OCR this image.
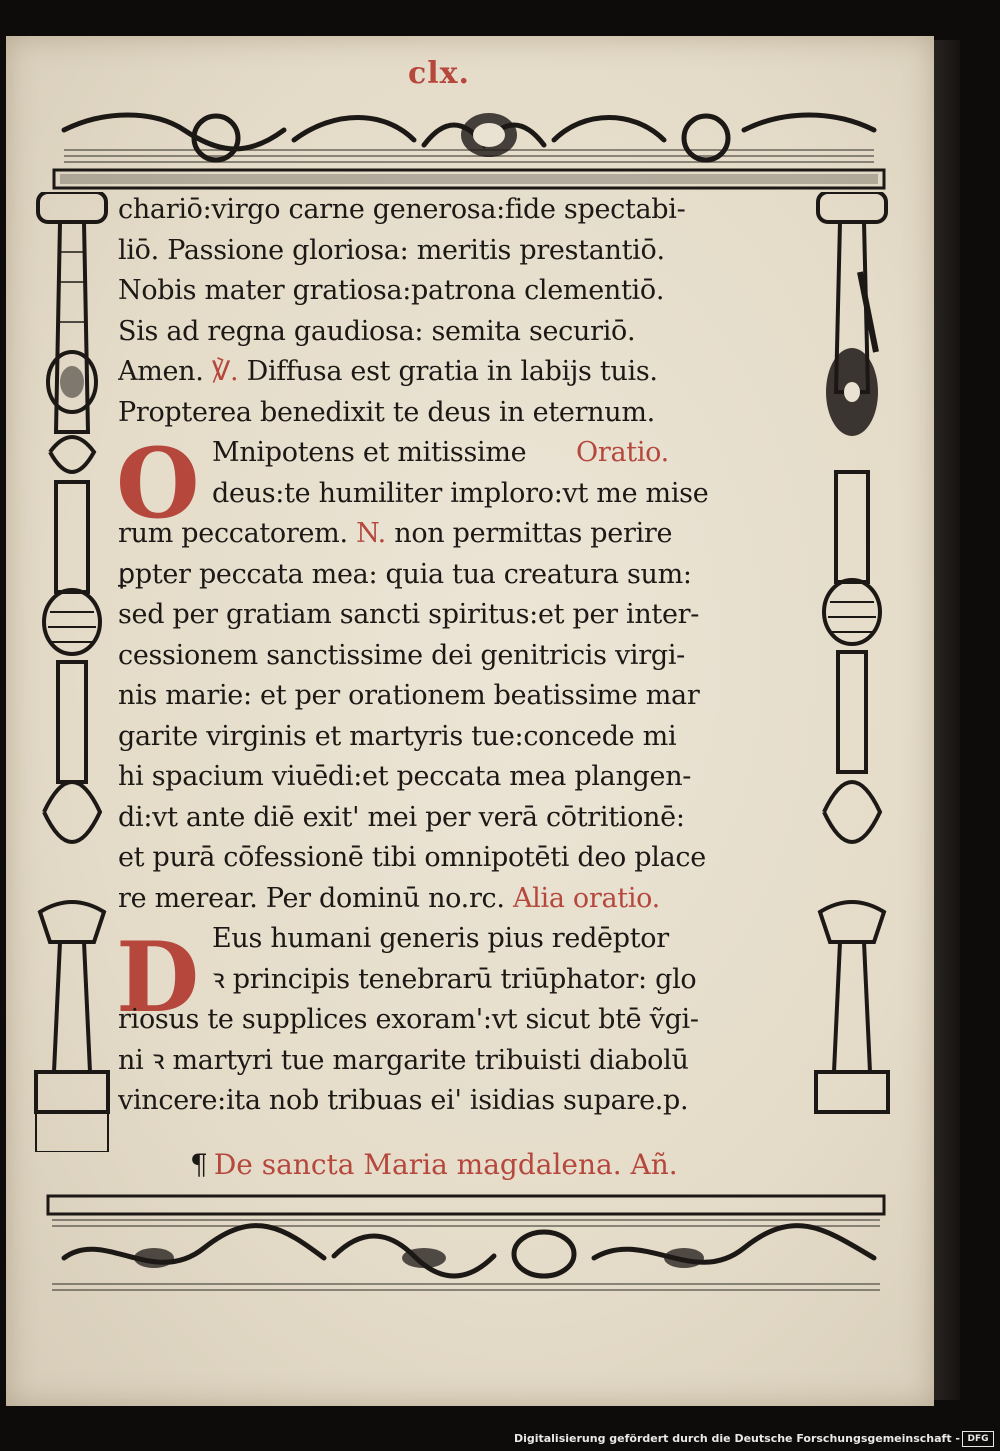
clx.
O
D
chariō:virgo carne generosa:fide spectabi-
liō. Passione gloriosa: meritis prestantiō.
Nobis mater gratiosa:patrona clementiō.
Sis ad regna gaudiosa: semita securiō.
Amen. ℣. Diffusa est gratia in labijs tuis.
Propterea benedixit te deus in eternum.
Mnipotens et mitissime Oratio.
deus:te humiliter imploro:vt me mise
rum peccatorem. N. non permittas perire
ꝑpter peccata mea: quia tua creatura sum:
sed per gratiam sancti spiritus:et per inter-
cessionem sanctissime dei genitricis virgi-
nis marie: et per orationem beatissime mar
garite virginis et martyris tue:concede mi
hi spacium viuēdi:et peccata mea plangen-
di:vt ante diē exit' mei per verā cōtritionē:
et purā cōfessionē tibi omnipotēti deo place
re merear. Per dominū no.rc. Alia oratio.
Eus humani generis pius redēptor
ꝛ principis tenebrarū triūphator: glo
riosus te supplices exoram':vt sicut btē ṽgi-
ni ꝛ martyri tue margarite tribuisti diabolū
vincere:ita nob tribuas ei' isidias supare.p.
¶ De sancta Maria magdalena. Añ.
Digitalisierung gefördert durch die Deutsche Forschungsgemeinschaft - DFG
